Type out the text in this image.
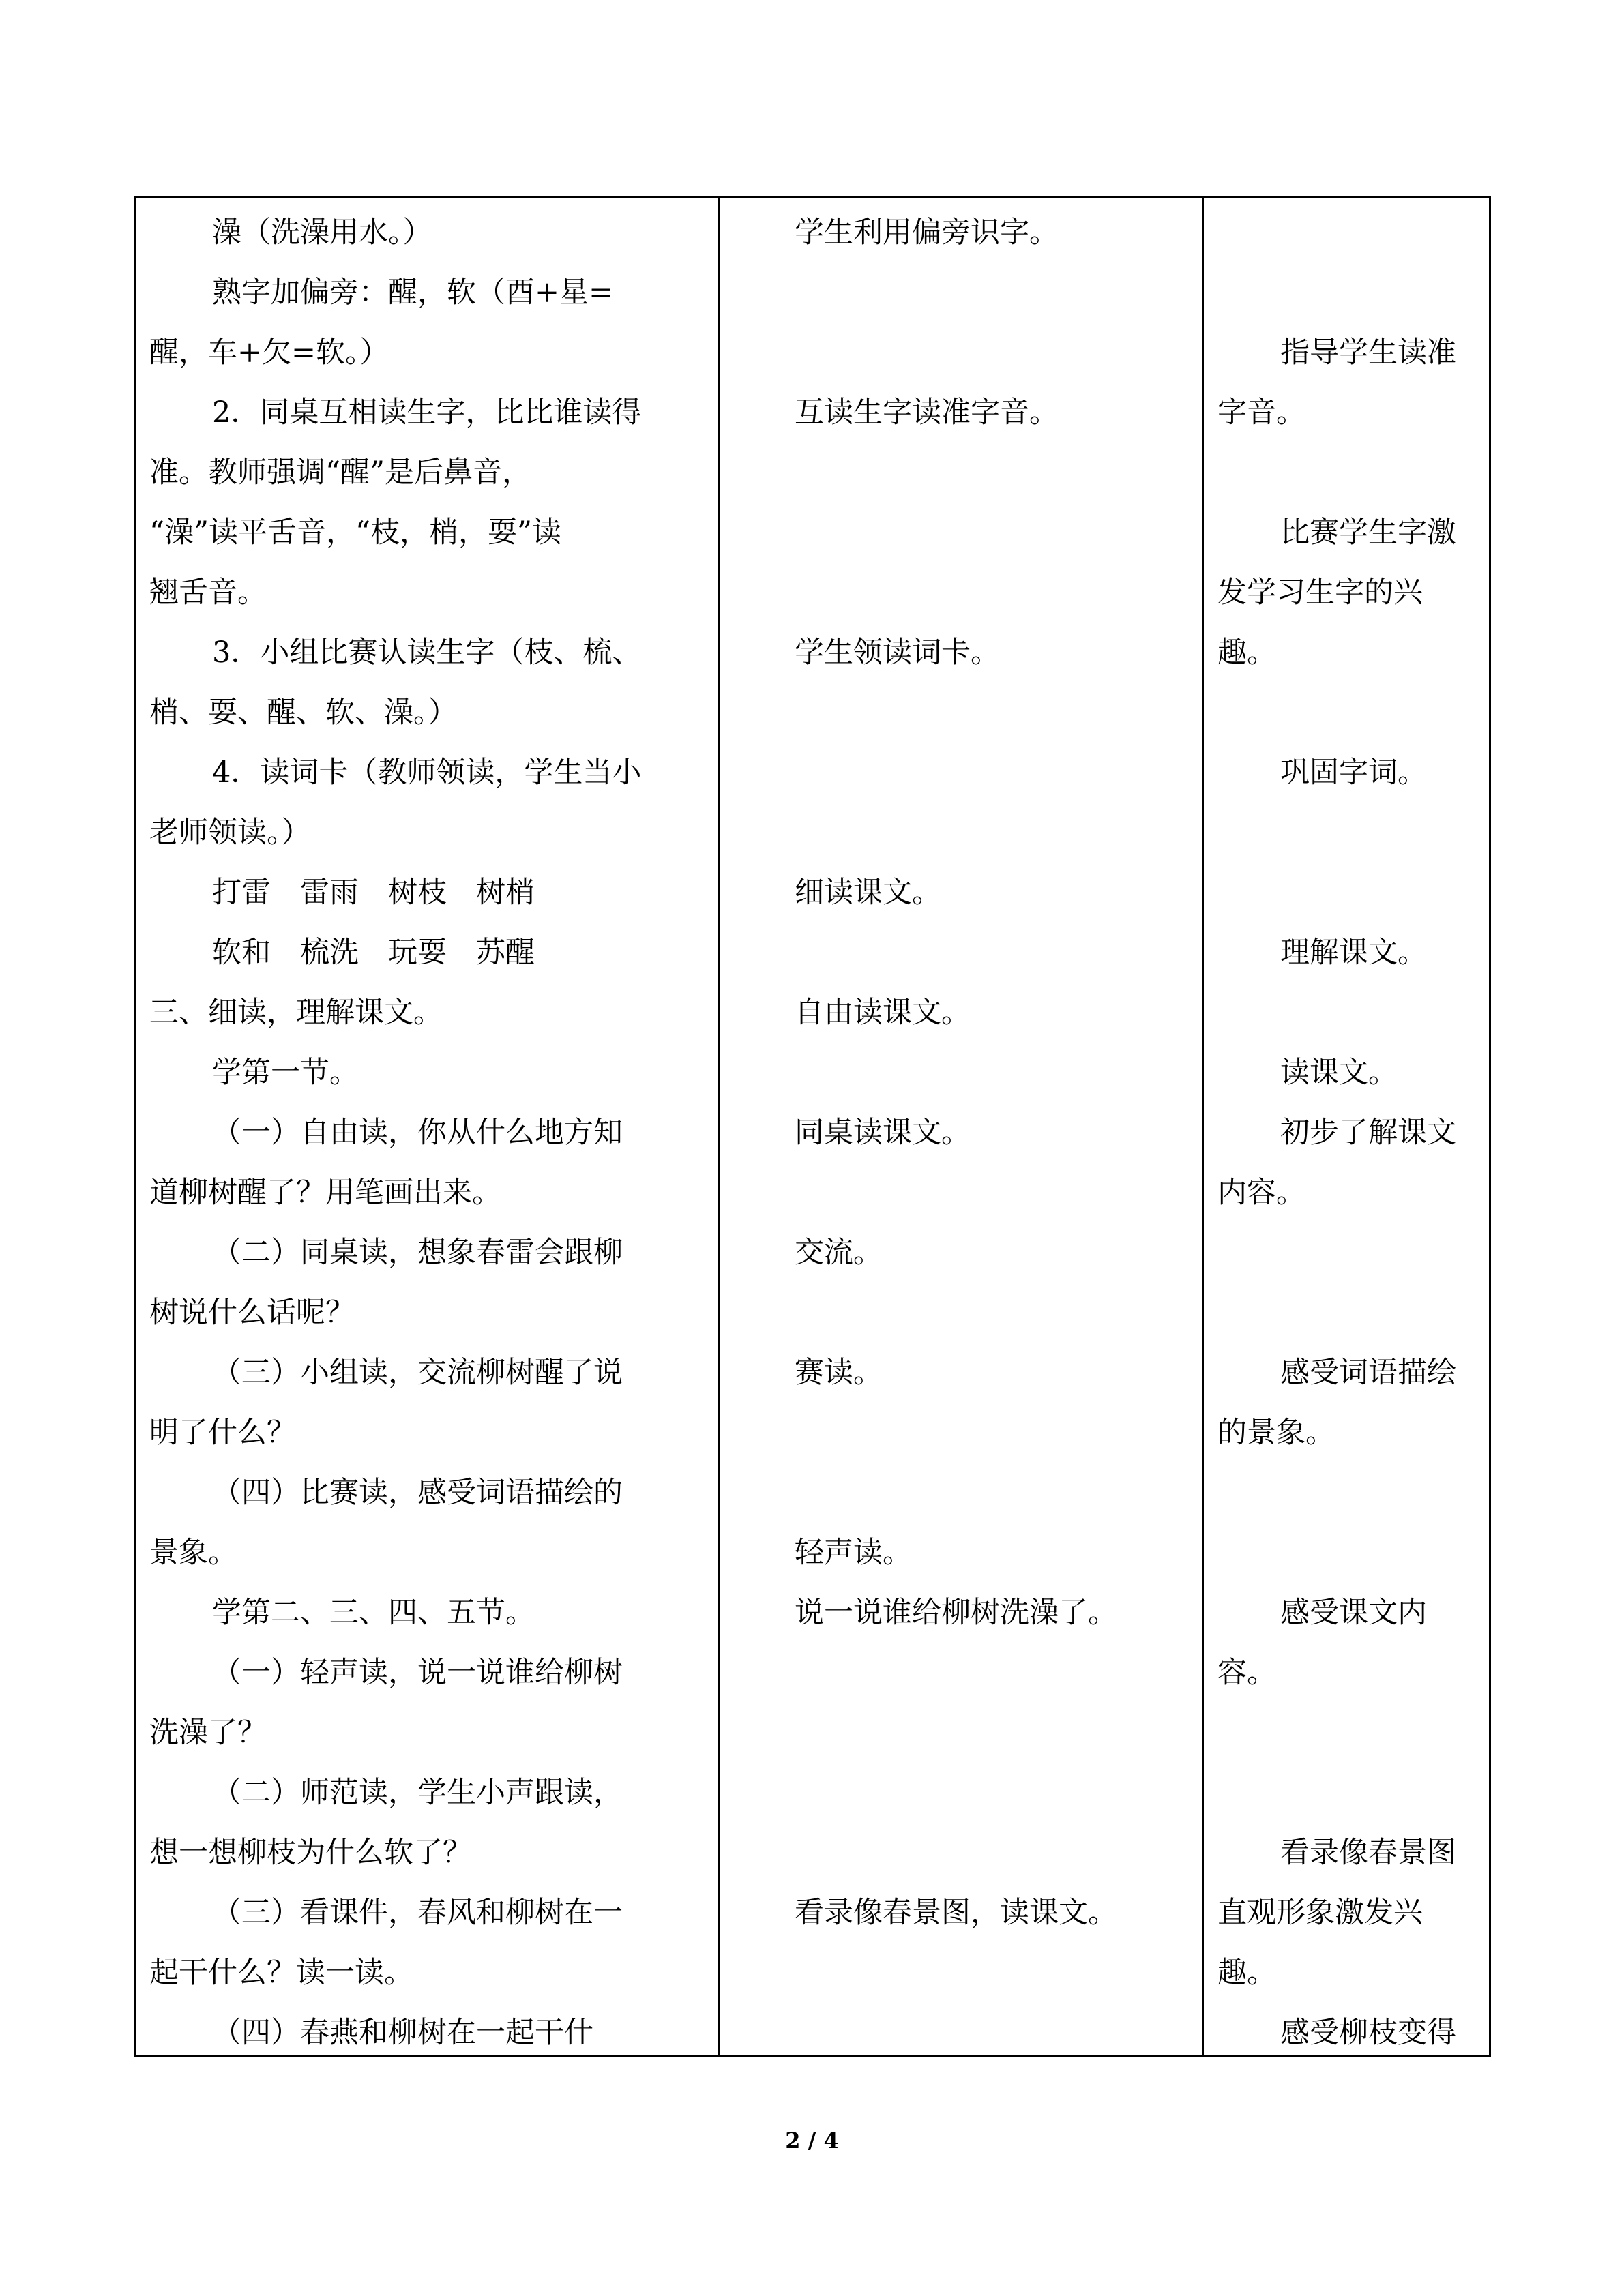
澡（洗澡用水。）
熟字加偏旁：醒，软（酉+星=
醒，车+欠=软。）
2．同桌互相读生字，比比谁读得
准。教师强调“醒”是后鼻音，
“澡”读平舌音，“枝，梢，耍”读
翘舌音。
3．小组比赛认读生字（枝、梳、
梢、耍、醒、软、澡。）
4．读词卡（教师领读，学生当小
老师领读。）
打雷　雷雨　树枝　树梢
软和　梳洗　玩耍　苏醒
三、细读，理解课文。
学第一节。
（一）自由读，你从什么地方知
道柳树醒了？用笔画出来。
（二）同桌读，想象春雷会跟柳
树说什么话呢？
（三）小组读，交流柳树醒了说
明了什么？
（四）比赛读，感受词语描绘的
景象。
学第二、三、四、五节。
（一）轻声读，说一说谁给柳树
洗澡了？
（二）师范读，学生小声跟读，
想一想柳枝为什么软了？
（三）看课件，春风和柳树在一
起干什么？读一读。
（四）春燕和柳树在一起干什
学生利用偏旁识字。
互读生字读准字音。
学生领读词卡。
细读课文。
自由读课文。
同桌读课文。
交流。
赛读。
轻声读。
说一说谁给柳树洗澡了。
看录像春景图，读课文。
指导学生读准
字音。
比赛学生字激
发学习生字的兴
趣。
巩固字词。
理解课文。
读课文。
初步了解课文
内容。
感受词语描绘
的景象。
感受课文内
容。
看录像春景图
直观形象激发兴
趣。
感受柳枝变得
2 / 4
